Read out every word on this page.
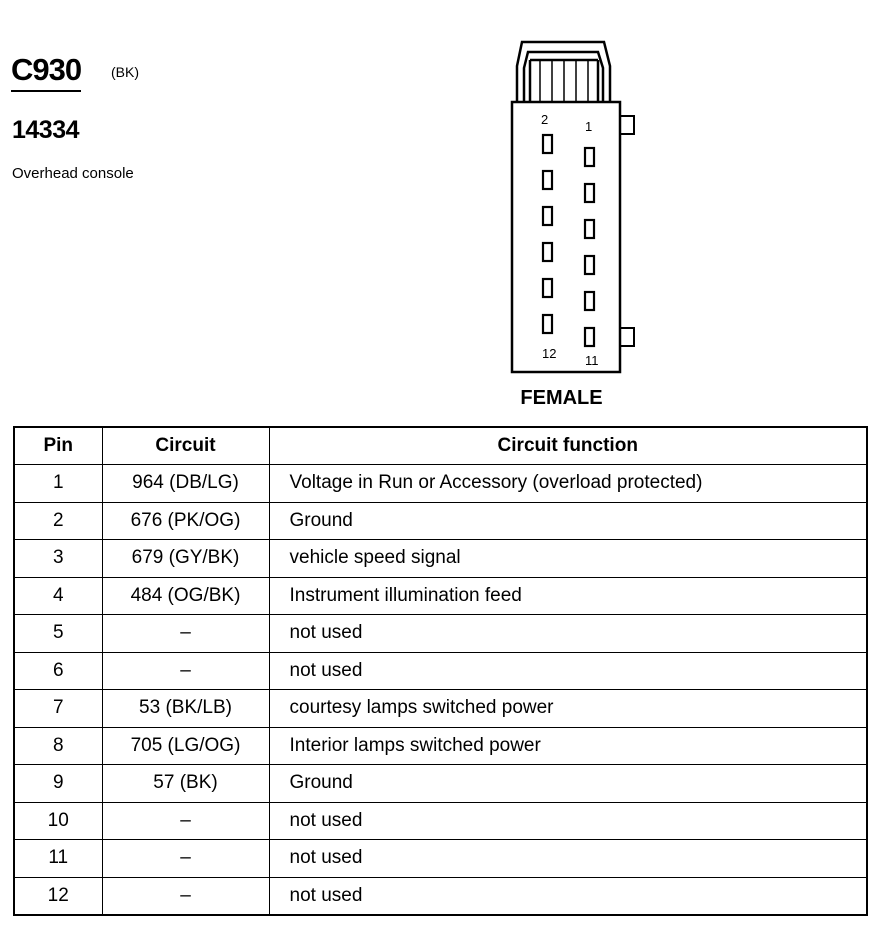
C930 (BK)
14334
Overhead console
2	1
12 11
FEMALE
Pin	Circuit	Circuit function
1	964 (DB/LG)	Voltage in Run or Accessory (overload protected)
2	676 (PK/OG)	Ground
3	679 (GY/BK)	vehicle speed signal
4	484 (OG/BK)	Instrument illumination feed
5	–	not used
6	–	not used
7	53 (BK/LB)	courtesy lamps switched power
8	705 (LG/OG)	Interior lamps switched power
9	57 (BK)	Ground
10	–	not used
11	–	not used
12	–	not used
